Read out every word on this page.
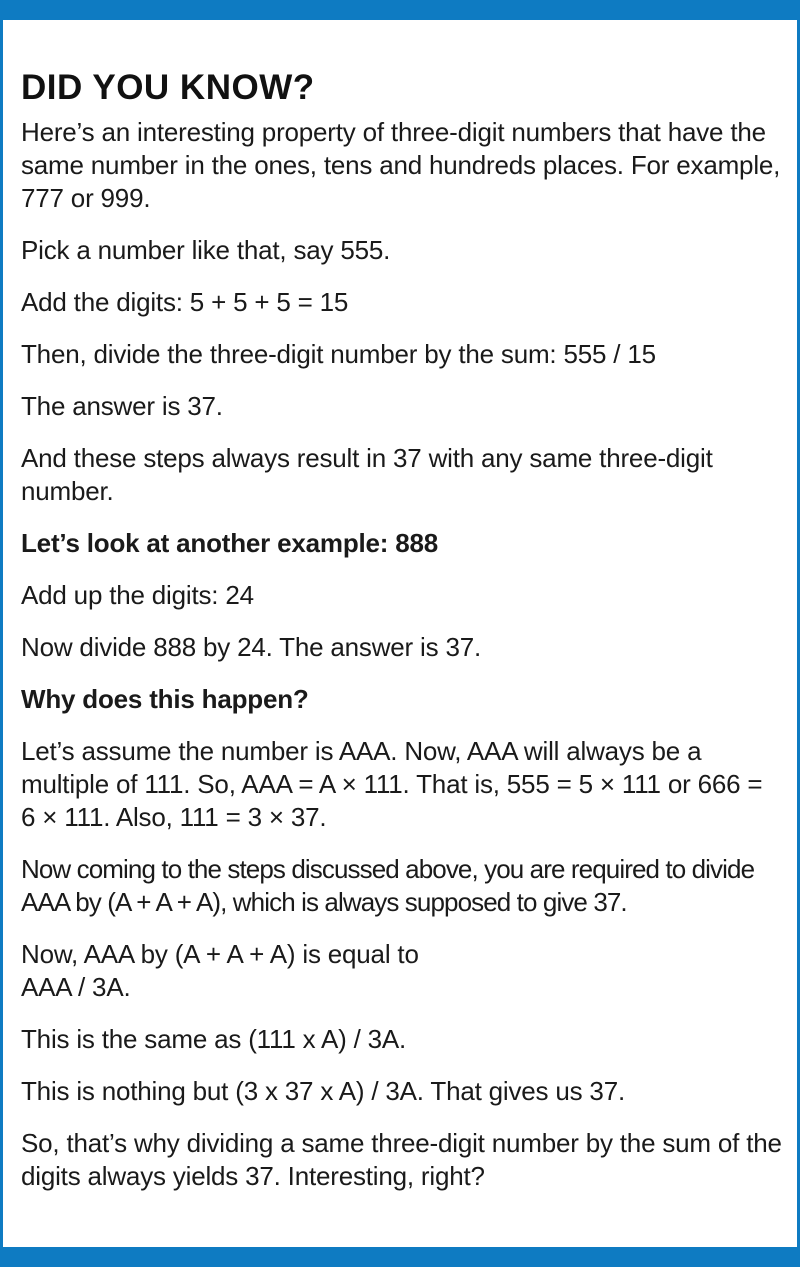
DID YOU KNOW?

Here’s an interesting property of three-digit numbers that have the same number in the ones, tens and hundreds places. For example, 777 or 999.

Pick a number like that, say 555.

Add the digits: 5 + 5 + 5 = 15

Then, divide the three-digit number by the sum: 555 / 15

The answer is 37.

And these steps always result in 37 with any same three-digit number.

Let’s look at another example: 888

Add up the digits: 24

Now divide 888 by 24. The answer is 37.

Why does this happen?

Let’s assume the number is AAA. Now, AAA will always be a multiple of 111. So, AAA = A × 111. That is, 555 = 5 × 111 or 666 = 6 × 111. Also, 111 = 3 × 37.

Now coming to the steps discussed above, you are required to divide AAA by (A + A + A), which is always supposed to give 37.

Now, AAA by (A + A + A) is equal to
AAA / 3A.

This is the same as (111 x A) / 3A.

This is nothing but (3 x 37 x A) / 3A. That gives us 37.

So, that’s why dividing a same three-digit number by the sum of the digits always yields 37. Interesting, right?
